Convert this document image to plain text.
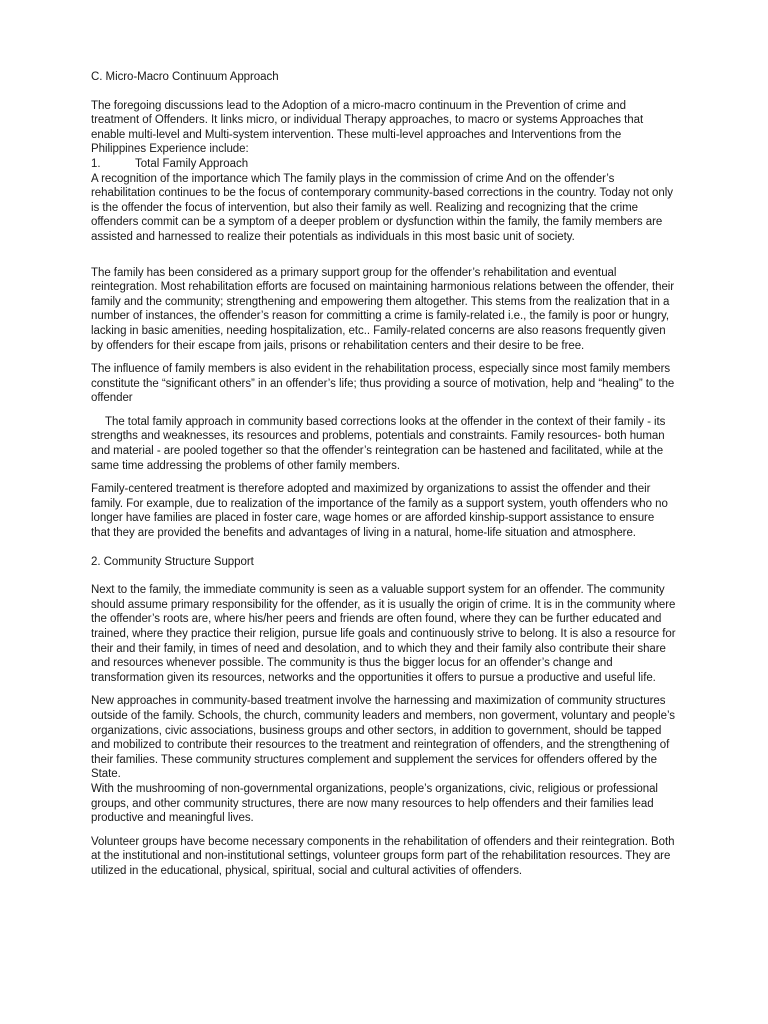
C. Micro-Macro Continuum Approach

The foregoing discussions lead to the Adoption of a micro-macro continuum in the Prevention of crime and treatment of Offenders. It links micro, or individual Therapy approaches, to macro or systems Approaches that enable multi-level and Multi-system intervention. These multi-level approaches and Interventions from the Philippines Experience include:

1.	Total Family Approach

A recognition of the importance which The family plays in the commission of crime And on the offender’s rehabilitation continues to be the focus of contemporary community-based corrections in the country. Today not only is the offender the focus of intervention, but also their family as well. Realizing and recognizing that the crime offenders commit can be a symptom of a deeper problem or dysfunction within the family, the family members are assisted and harnessed to realize their potentials as individuals in this most basic unit of society.

The family has been considered as a primary support group for the offender’s rehabilitation and eventual reintegration. Most rehabilitation efforts are focused on maintaining harmonious relations between the offender, their family and the community; strengthening and empowering them altogether. This stems from the realization that in a number of instances, the offender’s reason for committing a crime is family-related i.e., the family is poor or hungry, lacking in basic amenities, needing hospitalization, etc.. Family-related concerns are also reasons frequently given by offenders for their escape from jails, prisons or rehabilitation centers and their desire to be free.

The influence of family members is also evident in the rehabilitation process, especially since most family members constitute the “significant others” in an offender’s life; thus providing a source of motivation, help and “healing” to the offender

The total family approach in community based corrections looks at the offender in the context of their family - its strengths and weaknesses, its resources and problems, potentials and constraints. Family resources- both human and material - are pooled together so that the offender’s reintegration can be hastened and facilitated, while at the same time addressing the problems of other family members.

Family-centered treatment is therefore adopted and maximized by organizations to assist the offender and their family. For example, due to realization of the importance of the family as a support system, youth offenders who no longer have families are placed in foster care, wage homes or are afforded kinship-support assistance to ensure that they are provided the benefits and advantages of living in a natural, home-life situation and atmosphere.

2. Community Structure Support

Next to the family, the immediate community is seen as a valuable support system for an offender. The community should assume primary responsibility for the offender, as it is usually the origin of crime. It is in the community where the offender’s roots are, where his/her peers and friends are often found, where they can be further educated and trained, where they practice their religion, pursue life goals and continuously strive to belong. It is also a resource for their and their family, in times of need and desolation, and to which they and their family also contribute their share and resources whenever possible. The community is thus the bigger locus for an offender’s change and transformation given its resources, networks and the opportunities it offers to pursue a productive and useful life.

New approaches in community-based treatment involve the harnessing and maximization of community structures outside of the family. Schools, the church, community leaders and members, non goverment, voluntary and people’s organizations, civic associations, business groups and other sectors, in addition to government, should be tapped and mobilized to contribute their resources to the treatment and reintegration of offenders, and the strengthening of their families. These community structures complement and supplement the services for offenders offered by the State.

With the mushrooming of non-governmental organizations, people’s organizations, civic, religious or professional groups, and other community structures, there are now many resources to help offenders and their families lead productive and meaningful lives.

Volunteer groups have become necessary components in the rehabilitation of offenders and their reintegration. Both at the institutional and non-institutional settings, volunteer groups form part of the rehabilitation resources. They are utilized in the educational, physical, spiritual, social and cultural activities of offenders.
